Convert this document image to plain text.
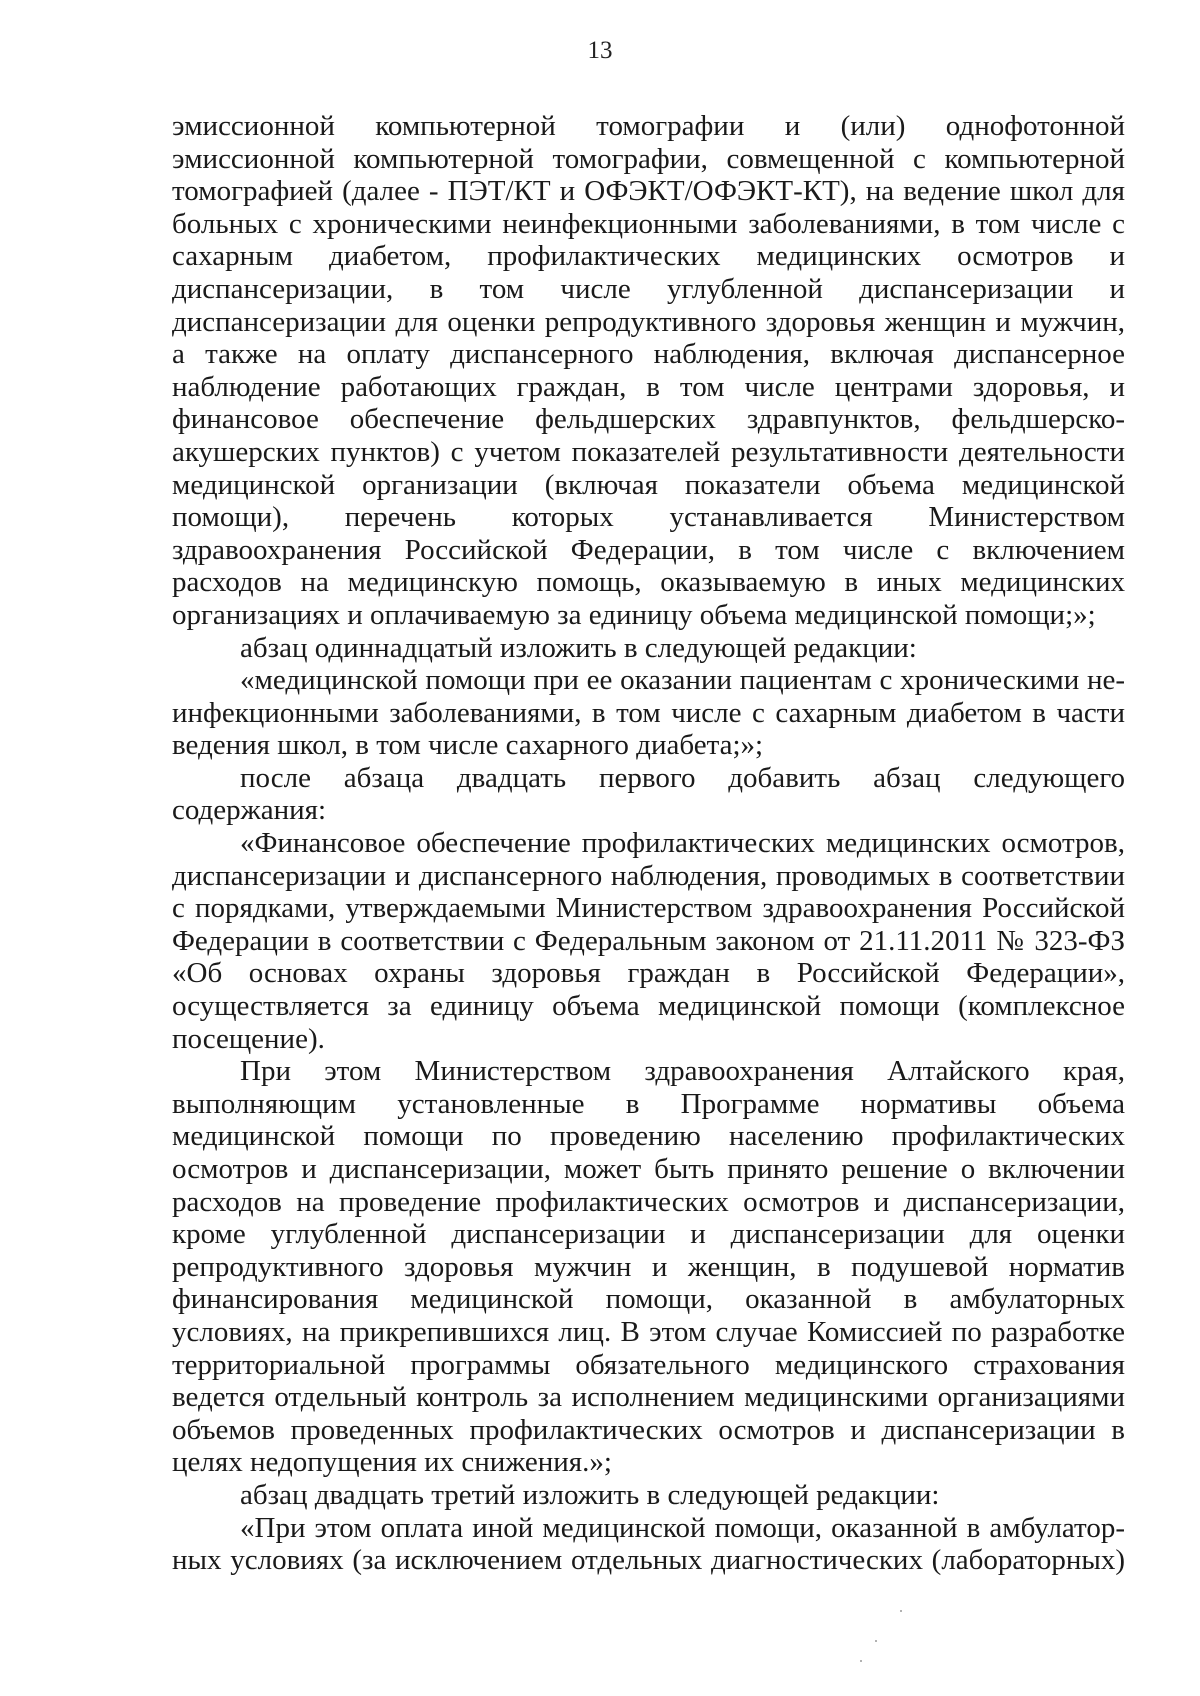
13

эмиссионной компьютерной томографии и (или) однофотонной эмиссионной компьютерной томографии, совмещенной с компьютерной томографией (далее - ПЭТ/КТ и ОФЭКТ/ОФЭКТ-КТ), на ведение школ для больных с хроническими неинфекционными заболеваниями, в том числе с сахарным диабетом, профилактических медицинских осмотров и диспансеризации, в том числе углубленной диспансеризации и диспансеризации для оценки репродуктивного здоровья женщин и мужчин, а также на оплату диспансерного наблюдения, включая диспансерное наблюдение работающих граждан, в том числе центрами здоровья, и финансовое обеспечение фельдшерских здравпунктов, фельдшерско-акушерских пунктов) с учетом показателей результативности деятельности медицинской организации (включая показатели объема медицинской помощи), перечень которых устанавливается Министерством здравоохранения Российской Федерации, в том числе с включением расходов на медицинскую помощь, оказываемую в иных медицинских организациях и оплачиваемую за единицу объема медицинской помощи;»;

абзац одиннадцатый изложить в следующей редакции:

«медицинской помощи при ее оказании пациентам с хроническими не-инфекционными заболеваниями, в том числе с сахарным диабетом в части ведения школ, в том числе сахарного диабета;»;

после абзаца двадцать первого добавить абзац следующего содержания:

«Финансовое обеспечение профилактических медицинских осмотров, диспансеризации и диспансерного наблюдения, проводимых в соответствии с порядками, утверждаемыми Министерством здравоохранения Российской Федерации в соответствии с Федеральным законом от 21.11.2011 № 323-ФЗ «Об основах охраны здоровья граждан в Российской Федерации», осуществляется за единицу объема медицинской помощи (комплексное посещение).

При этом Министерством здравоохранения Алтайского края, выполняющим установленные в Программе нормативы объема медицинской помощи по проведению населению профилактических осмотров и диспансеризации, может быть принято решение о включении расходов на проведение профилактических осмотров и диспансеризации, кроме углубленной диспансеризации и диспансеризации для оценки репродуктивного здоровья мужчин и женщин, в подушевой норматив финансирования медицинской помощи, оказанной в амбулаторных условиях, на прикрепившихся лиц. В этом случае Комиссией по разработке территориальной программы обязательного медицинского страхования ведется отдельный контроль за исполнением медицинскими организациями объемов проведенных профилактических осмотров и диспансеризации в целях недопущения их снижения.»;

абзац двадцать третий изложить в следующей редакции:

«При этом оплата иной медицинской помощи, оказанной в амбулатор-ных условиях (за исключением отдельных диагностических (лабораторных)
